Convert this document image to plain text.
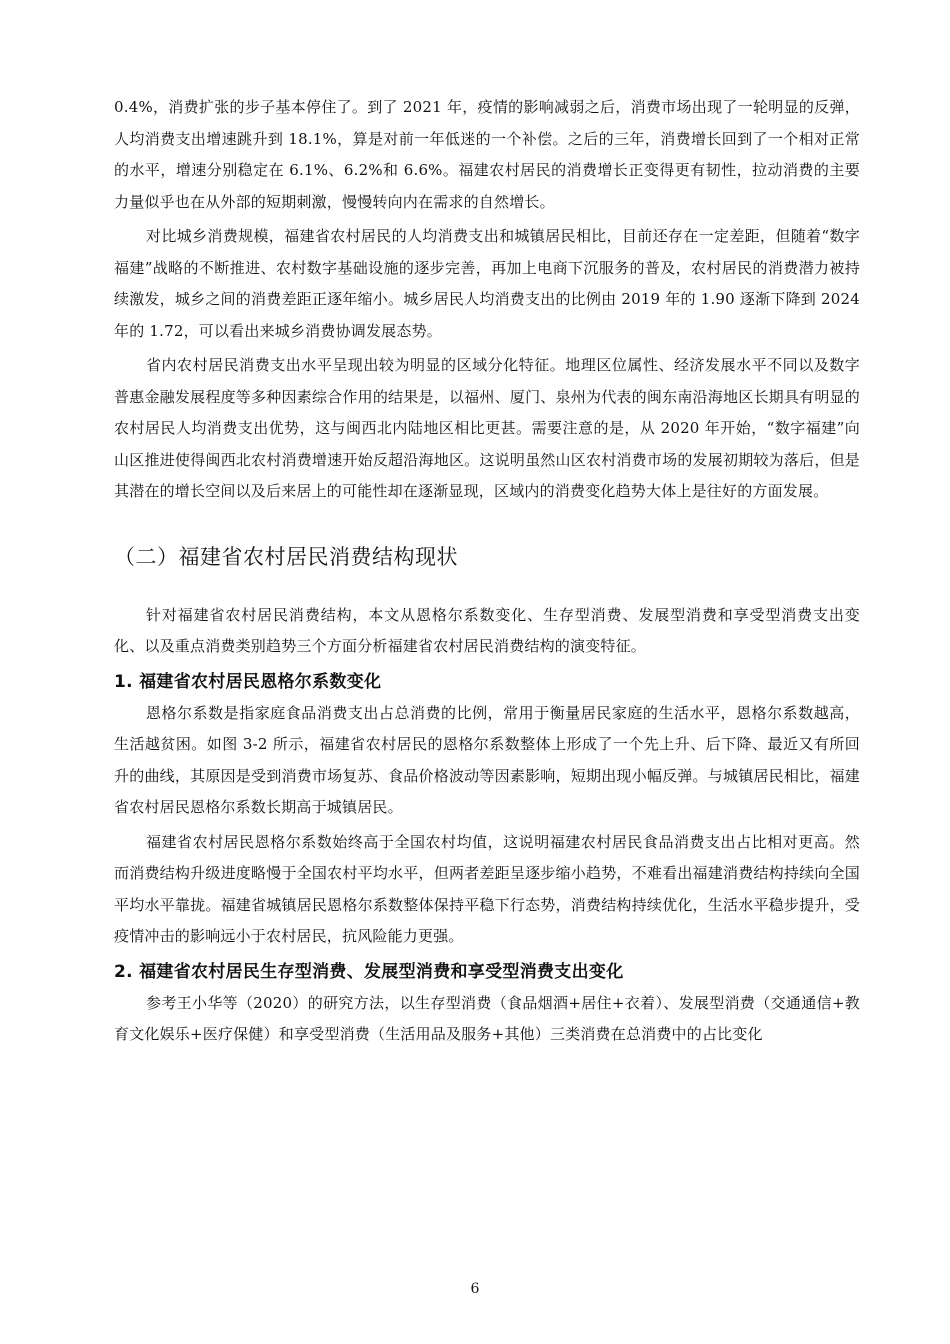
0.4%，消费扩张的步子基本停住了。到了 2021 年，疫情的影响减弱之后，消费市场出现了一轮明显的反弹，人均消费支出增速跳升到 18.1%，算是对前一年低迷的一个补偿。之后的三年，消费增长回到了一个相对正常的水平，增速分别稳定在 6.1%、6.2%和 6.6%。福建农村居民的消费增长正变得更有韧性，拉动消费的主要力量似乎也在从外部的短期刺激，慢慢转向内在需求的自然增长。

对比城乡消费规模，福建省农村居民的人均消费支出和城镇居民相比，目前还存在一定差距，但随着“数字福建”战略的不断推进、农村数字基础设施的逐步完善，再加上电商下沉服务的普及，农村居民的消费潜力被持续激发，城乡之间的消费差距正逐年缩小。城乡居民人均消费支出的比例由 2019 年的 1.90 逐渐下降到 2024 年的 1.72，可以看出来城乡消费协调发展态势。

省内农村居民消费支出水平呈现出较为明显的区域分化特征。地理区位属性、经济发展水平不同以及数字普惠金融发展程度等多种因素综合作用的结果是，以福州、厦门、泉州为代表的闽东南沿海地区长期具有明显的农村居民人均消费支出优势，这与闽西北内陆地区相比更甚。需要注意的是，从 2020 年开始，“数字福建”向山区推进使得闽西北农村消费增速开始反超沿海地区。这说明虽然山区农村消费市场的发展初期较为落后，但是其潜在的增长空间以及后来居上的可能性却在逐渐显现，区域内的消费变化趋势大体上是往好的方面发展。

（二）福建省农村居民消费结构现状

针对福建省农村居民消费结构，本文从恩格尔系数变化、生存型消费、发展型消费和享受型消费支出变化、以及重点消费类别趋势三个方面分析福建省农村居民消费结构的演变特征。

1. 福建省农村居民恩格尔系数变化

恩格尔系数是指家庭食品消费支出占总消费的比例，常用于衡量居民家庭的生活水平，恩格尔系数越高，生活越贫困。如图 3-2 所示，福建省农村居民的恩格尔系数整体上形成了一个先上升、后下降、最近又有所回升的曲线，其原因是受到消费市场复苏、食品价格波动等因素影响，短期出现小幅反弹。与城镇居民相比，福建省农村居民恩格尔系数长期高于城镇居民。

福建省农村居民恩格尔系数始终高于全国农村均值，这说明福建农村居民食品消费支出占比相对更高。然而消费结构升级进度略慢于全国农村平均水平，但两者差距呈逐步缩小趋势，不难看出福建消费结构持续向全国平均水平靠拢。福建省城镇居民恩格尔系数整体保持平稳下行态势，消费结构持续优化，生活水平稳步提升，受疫情冲击的影响远小于农村居民，抗风险能力更强。

2. 福建省农村居民生存型消费、发展型消费和享受型消费支出变化

参考王小华等（2020）的研究方法，以生存型消费（食品烟酒+居住+衣着）、发展型消费（交通通信+教育文化娱乐+医疗保健）和享受型消费（生活用品及服务+其他）三类消费在总消费中的占比变化

6
